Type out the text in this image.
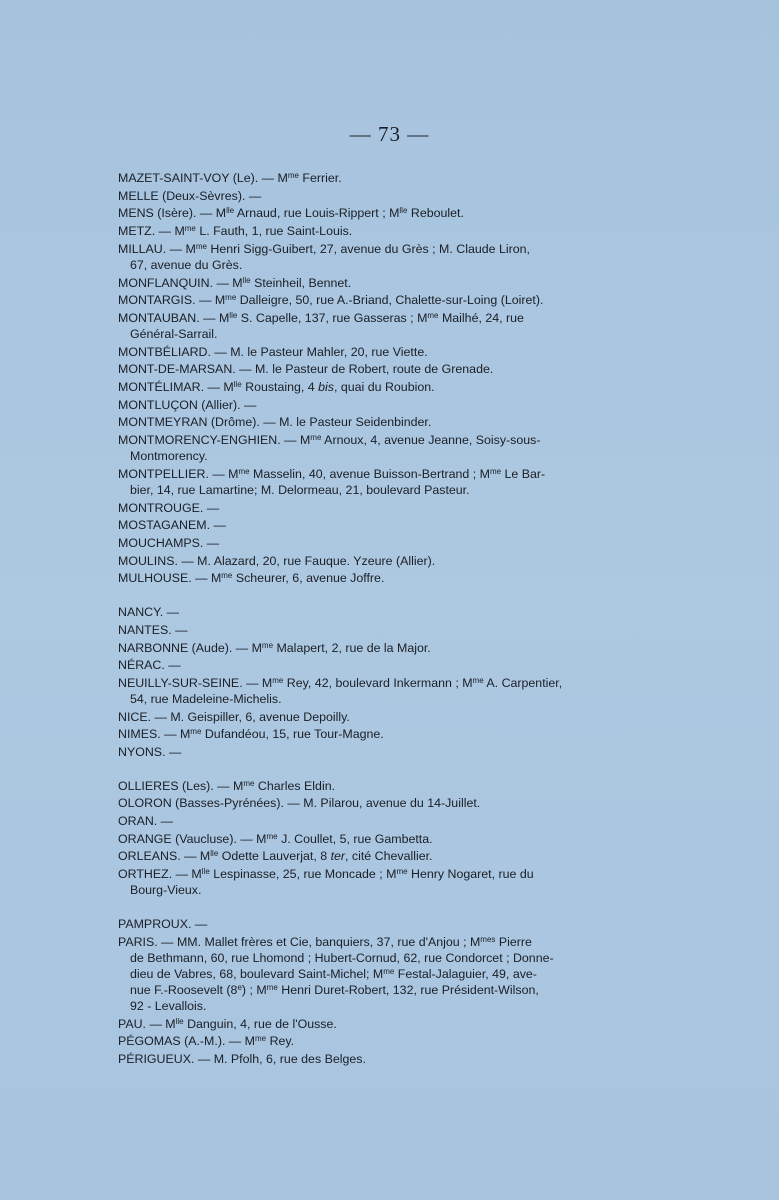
— 73 —
MAZET-SAINT-VOY (Le). — $M^{me}$ Ferrier.
MELLE (Deux-Sèvres). —
MENS (Isère). — $M^{lle}$ Arnaud, rue Louis-Rippert ; $M^{lle}$ Reboulet.
METZ. — $M^{me}$ L. Fauth, 1, rue Saint-Louis.
MILLAU. — $M^{me}$ Henri Sigg-Guibert, 27, avenue du Grès ; M. Claude Liron,
67, avenue du Grès.
MONFLANQUIN. — $M^{lle}$ Steinheil, Bennet.
MONTARGIS. — $M^{me}$ Dalleigre, 50, rue A.-Briand, Chalette-sur-Loing (Loiret).
MONTAUBAN. — $M^{lle}$ S. Capelle, 137, rue Gasseras ; $M^{me}$ Mailhé, 24, rue
Général-Sarrail.
MONTBÉLIARD. — M. le Pasteur Mahler, 20, rue Viette.
MONT-DE-MARSAN. — M. le Pasteur de Robert, route de Grenade.
MONTÉLIMAR. — $M^{lle}$ Roustaing, 4 bis, quai du Roubion.
MONTLUÇON (Allier). —
MONTMEYRAN (Drôme). — M. le Pasteur Seidenbinder.
MONTMORENCY-ENGHIEN. — $M^{me}$ Arnoux, 4, avenue Jeanne, Soisy-sous-
Montmorency.
MONTPELLIER. — $M^{me}$ Masselin, 40, avenue Buisson-Bertrand ; $M^{me}$ Le Bar-
bier, 14, rue Lamartine; M. Delormeau, 21, boulevard Pasteur.
MONTROUGE. —
MOSTAGANEM. —
MOUCHAMPS. —
MOULINS. — M. Alazard, 20, rue Fauque. Yzeure (Allier).
MULHOUSE. — $M^{me}$ Scheurer, 6, avenue Joffre.
NANCY. —
NANTES. —
NARBONNE (Aude). — $M^{me}$ Malapert, 2, rue de la Major.
NÉRAC. —
NEUILLY-SUR-SEINE. — $M^{me}$ Rey, 42, boulevard Inkermann ; $M^{me}$ A. Carpentier,
54, rue Madeleine-Michelis.
NICE. — M. Geispiller, 6, avenue Depoilly.
NIMES. — $M^{me}$ Dufandéou, 15, rue Tour-Magne.
NYONS. —
OLLIERES (Les). — $M^{me}$ Charles Eldin.
OLORON (Basses-Pyrénées). — M. Pilarou, avenue du 14-Juillet.
ORAN. —
ORANGE (Vaucluse). — $M^{me}$ J. Coullet, 5, rue Gambetta.
ORLEANS. — $M^{lle}$ Odette Lauverjat, 8 ter, cité Chevallier.
ORTHEZ. — $M^{lle}$ Lespinasse, 25, rue Moncade ; $M^{me}$ Henry Nogaret, rue du
Bourg-Vieux.
PAMPROUX. —
PARIS. — MM. Mallet frères et Cie, banquiers, 37, rue d'Anjou ; $M^{mes}$ Pierre
de Bethmann, 60, rue Lhomond ; Hubert-Cornud, 62, rue Condorcet ; Donne-
dieu de Vabres, 68, boulevard Saint-Michel; $M^{me}$ Festal-Jalaguier, 49, ave-
nue F.-Roosevelt (8e) ; $M^{me}$ Henri Duret-Robert, 132, rue Président-Wilson,
92 - Levallois.
PAU. — $M^{lle}$ Danguin, 4, rue de l'Ousse.
PÉGOMAS (A.-M.). — $M^{me}$ Rey.
PÉRIGUEUX. — M. Pfolh, 6, rue des Belges.
